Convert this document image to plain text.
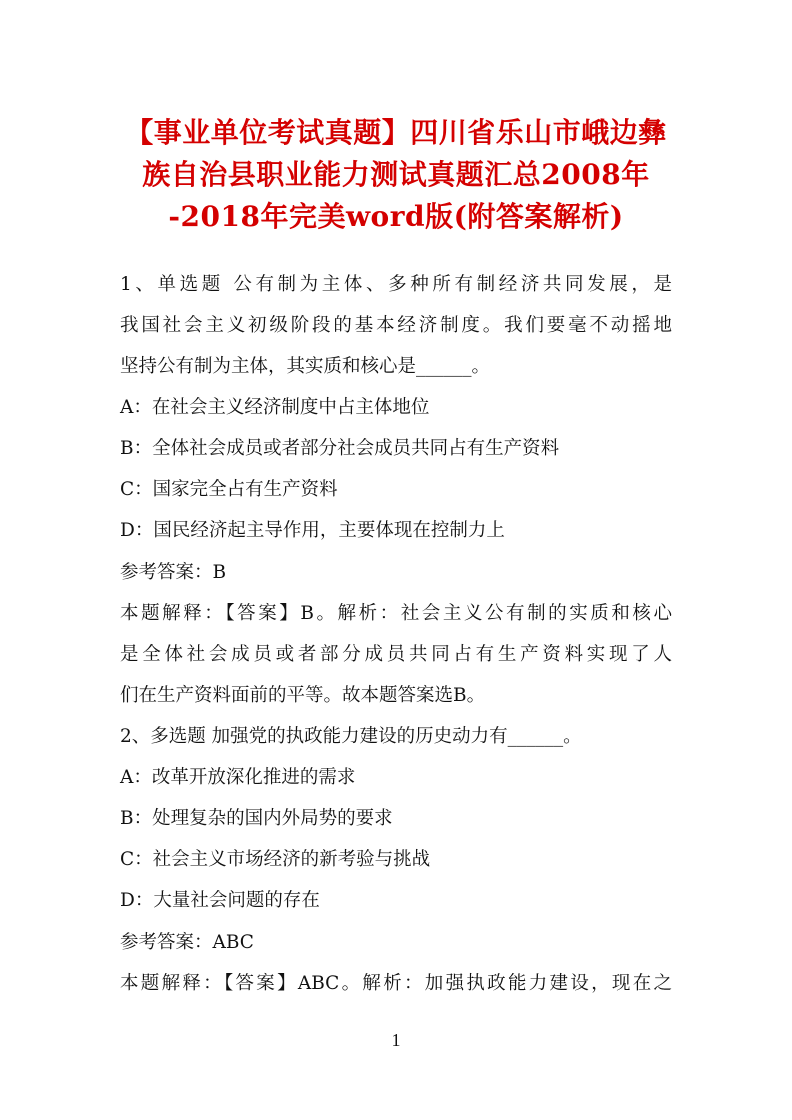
【事业单位考试真题】四川省乐山市峨边彝
族自治县职业能力测试真题汇总2008年
-2018年完美word版(附答案解析)
1、单选题 公有制为主体、多种所有制经济共同发展，是
我国社会主义初级阶段的基本经济制度。我们要毫不动摇地
坚持公有制为主体，其实质和核心是______。
A：在社会主义经济制度中占主体地位
B：全体社会成员或者部分社会成员共同占有生产资料
C：国家完全占有生产资料
D：国民经济起主导作用，主要体现在控制力上
参考答案：B
本题解释：【答案】B。解析：社会主义公有制的实质和核心
是全体社会成员或者部分成员共同占有生产资料实现了人
们在生产资料面前的平等。故本题答案选B。
2、多选题 加强党的执政能力建设的历史动力有______。
A：改革开放深化推进的需求
B：处理复杂的国内外局势的要求
C：社会主义市场经济的新考验与挑战
D：大量社会问题的存在
参考答案：ABC
本题解释：【答案】ABC。解析：加强执政能力建设，现在之
1
